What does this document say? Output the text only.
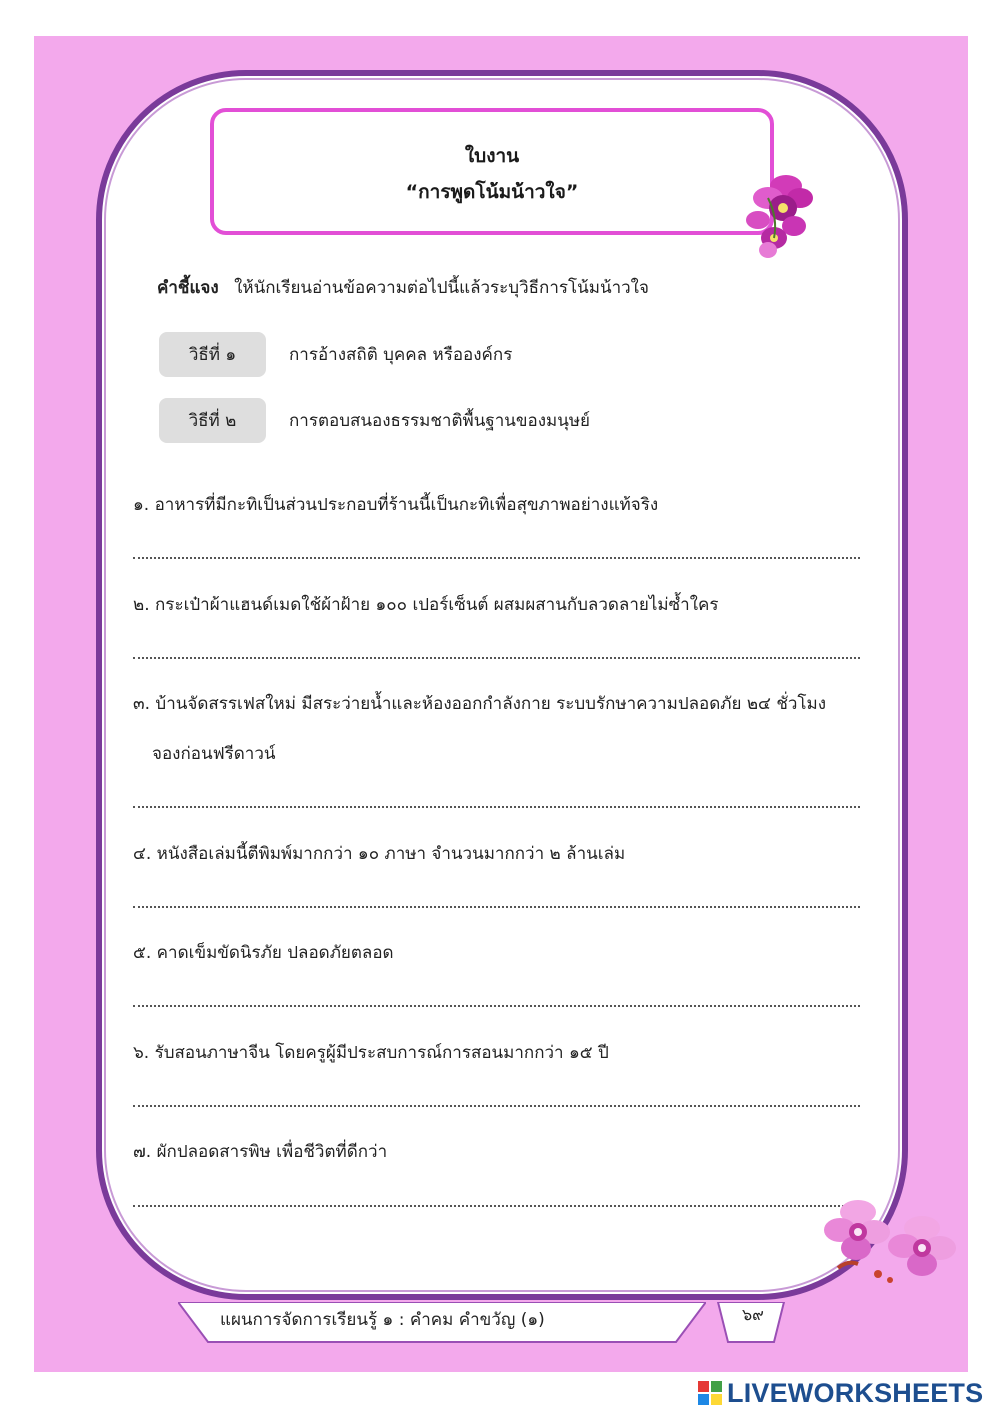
ใบงาน
“การพูดโน้มน้าวใจ”
คำชี้แจง ให้นักเรียนอ่านข้อความต่อไปนี้แล้วระบุวิธีการโน้มน้าวใจ
วิธีที่ ๑	การอ้างสถิติ บุคคล หรือองค์กร
วิธีที่ ๒	การตอบสนองธรรมชาติพื้นฐานของมนุษย์
๑. อาหารที่มีกะทิเป็นส่วนประกอบที่ร้านนี้เป็นกะทิเพื่อสุขภาพอย่างแท้จริง
๒. กระเป๋าผ้าแฮนด์เมดใช้ผ้าฝ้าย ๑๐๐ เปอร์เซ็นต์ ผสมผสานกับลวดลายไม่ซ้ำใคร
๓. บ้านจัดสรรเฟสใหม่ มีสระว่ายน้ำและห้องออกกำลังกาย ระบบรักษาความปลอดภัย ๒๔ ชั่วโมง
จองก่อนฟรีดาวน์
๔. หนังสือเล่มนี้ตีพิมพ์มากกว่า ๑๐ ภาษา จำนวนมากกว่า ๒ ล้านเล่ม
๕. คาดเข็มขัดนิรภัย ปลอดภัยตลอด
๖. รับสอนภาษาจีน โดยครูผู้มีประสบการณ์การสอนมากกว่า ๑๕ ปี
๗. ผักปลอดสารพิษ เพื่อชีวิตที่ดีกว่า
แผนการจัดการเรียนรู้ ๑ : คำคม คำขวัญ (๑)	๖๙
LIVEWORKSHEETS
